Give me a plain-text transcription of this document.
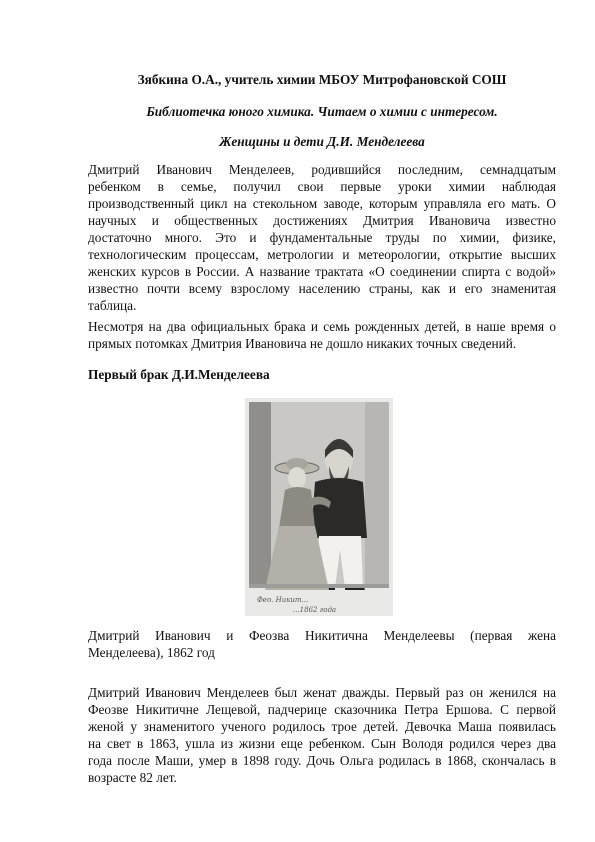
Зябкина О.А., учитель химии МБОУ Митрофановской СОШ
Библиотечка юного химика. Читаем о химии с интересом.
Женщины и дети Д.И. Менделеева
Дмитрий Иванович Менделеев, родившийся последним, семнадцатым
ребенком в семье, получил свои первые уроки химии наблюдая
производственный цикл на стекольном заводе, которым управляла его мать. О
научных и общественных достижениях Дмитрия Ивановича известно
достаточно много. Это и фундаментальные труды по химии, физике,
технологическим процессам, метрологии и метеорологии, открытие высших
женских курсов в России. А название трактата «О соединении спирта с водой»
известно почти всему взрослому населению страны, как и его знаменитая
таблица.
Несмотря на два официальных брака и семь рожденных детей, в наше время о
прямых потомках Дмитрия Ивановича не дошло никаких точных сведений.
Первый брак Д.И.Менделеева
Фео. Никит...
...1862 года
Дмитрий Иванович и Феозва Никитична Менделеевы (первая жена
Менделеева), 1862 год
Дмитрий Иванович Менделеев был женат дважды. Первый раз он женился на
Феозве Никитичне Лещевой, падчерице сказочника Петра Ершова. С первой
женой у знаменитого ученого родилось трое детей. Девочка Маша появилась
на свет в 1863, ушла из жизни еще ребенком. Сын Володя родился через два
года после Маши, умер в 1898 году. Дочь Ольга родилась в 1868, скончалась в
возрасте 82 лет.
